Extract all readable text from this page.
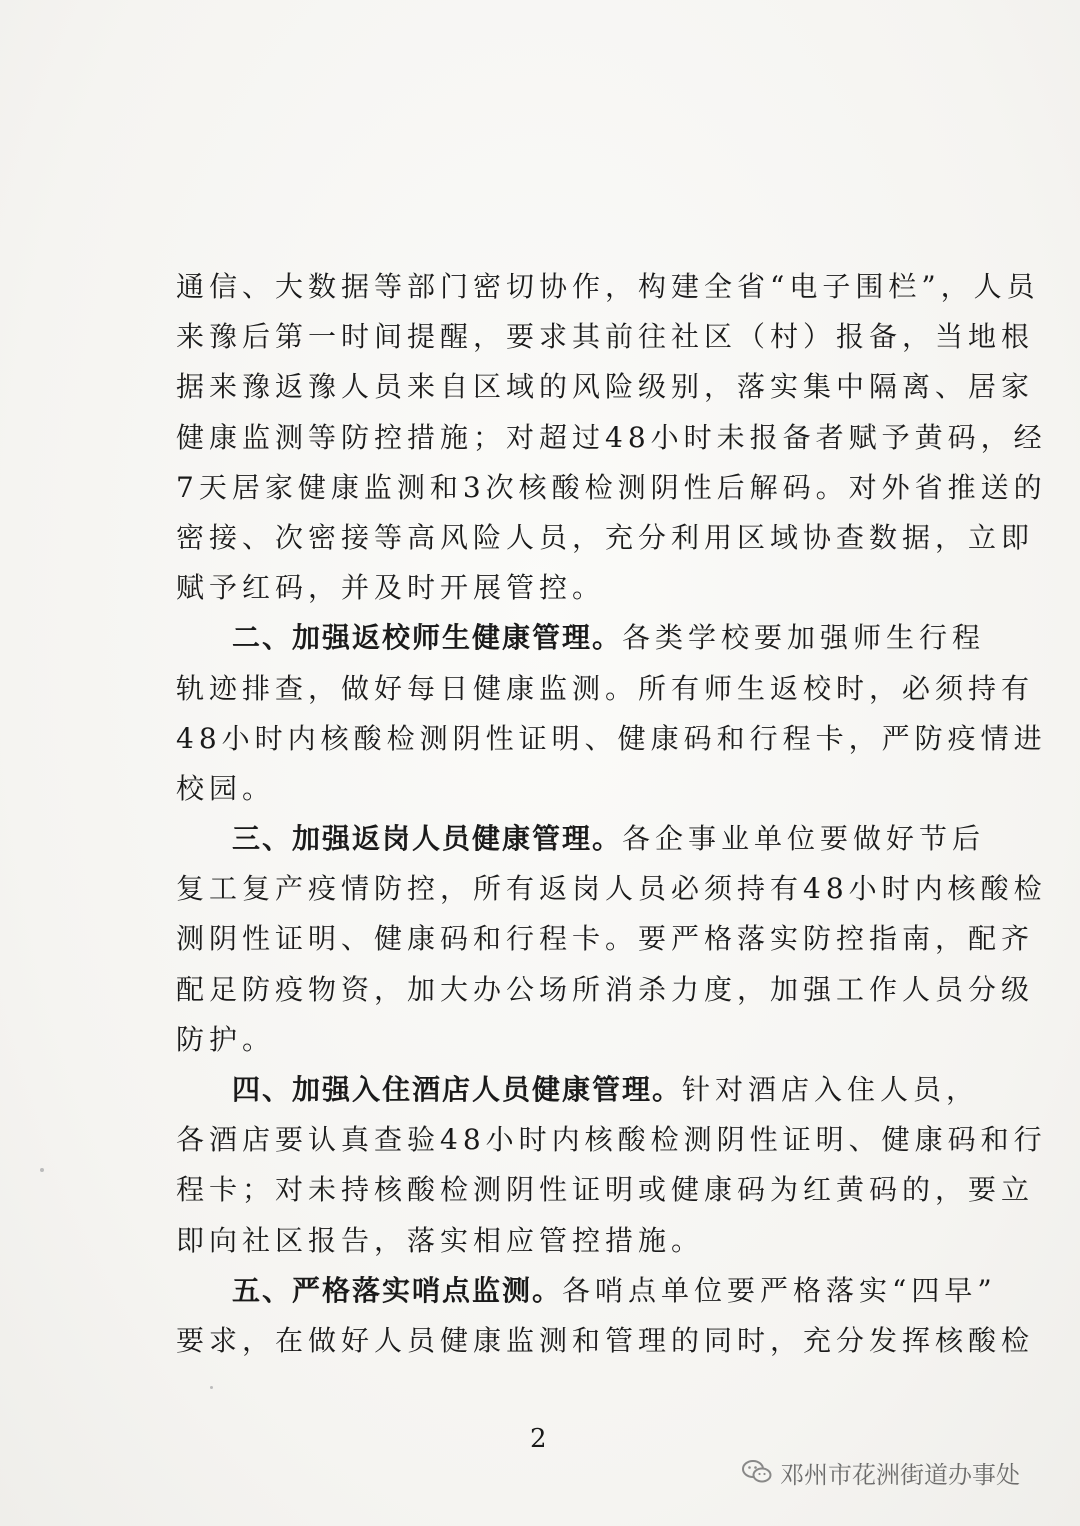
通信、大数据等部门密切协作，构建全省“电子围栏”，人员
来豫后第一时间提醒，要求其前往社区（村）报备，当地根
据来豫返豫人员来自区域的风险级别，落实集中隔离、居家
健康监测等防控措施；对超过48小时未报备者赋予黄码，经
7天居家健康监测和3次核酸检测阴性后解码。对外省推送的
密接、次密接等高风险人员，充分利用区域协查数据，立即
赋予红码，并及时开展管控。
二、加强返校师生健康管理。各类学校要加强师生行程
轨迹排查，做好每日健康监测。所有师生返校时，必须持有
48小时内核酸检测阴性证明、健康码和行程卡，严防疫情进
校园。
三、加强返岗人员健康管理。各企事业单位要做好节后
复工复产疫情防控，所有返岗人员必须持有48小时内核酸检
测阴性证明、健康码和行程卡。要严格落实防控指南，配齐
配足防疫物资，加大办公场所消杀力度，加强工作人员分级
防护。
四、加强入住酒店人员健康管理。针对酒店入住人员，
各酒店要认真查验48小时内核酸检测阴性证明、健康码和行
程卡；对未持核酸检测阴性证明或健康码为红黄码的，要立
即向社区报告，落实相应管控措施。
五、严格落实哨点监测。各哨点单位要严格落实“四早”
要求，在做好人员健康监测和管理的同时，充分发挥核酸检
2
邓州市花洲街道办事处
